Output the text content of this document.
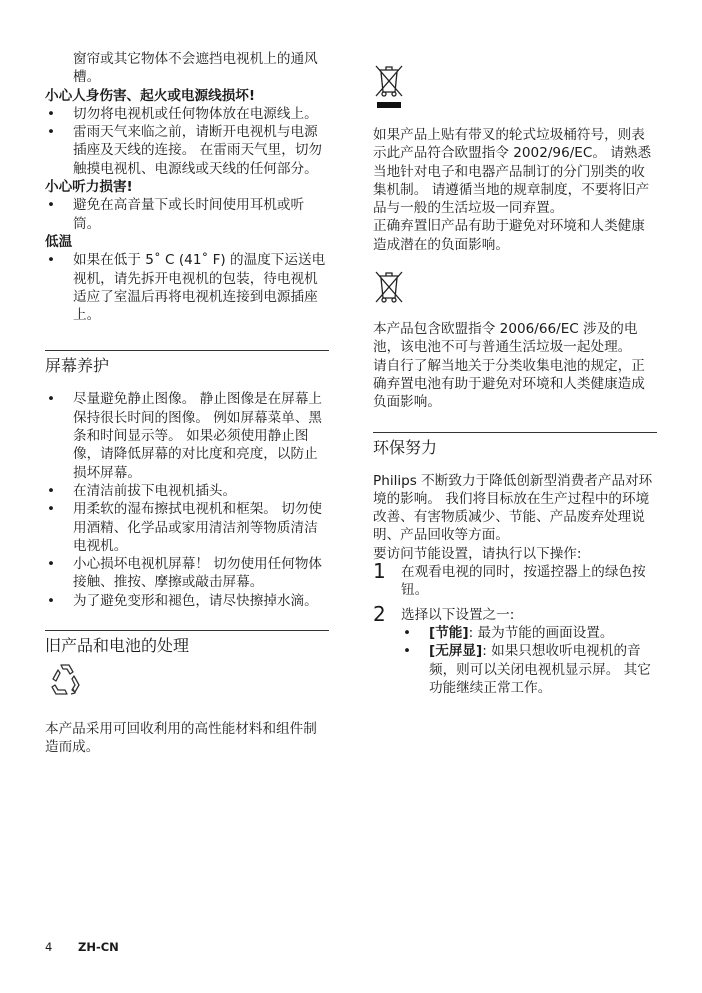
窗帘或其它物体不会遮挡电视机上的通风槽。

小心人身伤害、起火或电源线损坏!

• 切勿将电视机或任何物体放在电源线上。

• 雷雨天气来临之前，请断开电视机与电源插座及天线的连接。 在雷雨天气里，切勿触摸电视机、电源线或天线的任何部分。

小心听力损害!

• 避免在高音量下或长时间使用耳机或听筒。

低温

• 如果在低于 5˚ C (41˚ F) 的温度下运送电视机，请先拆开电视机的包装，待电视机适应了室温后再将电视机连接到电源插座上。

屏幕养护

• 尽量避免静止图像。 静止图像是在屏幕上保持很长时间的图像。 例如屏幕菜单、黑条和时间显示等。 如果必须使用静止图像，请降低屏幕的对比度和亮度，以防止损坏屏幕。

• 在清洁前拔下电视机插头。

• 用柔软的湿布擦拭电视机和框架。 切勿使用酒精、化学品或家用清洁剂等物质清洁电视机。

• 小心损坏电视机屏幕！ 切勿使用任何物体接触、推按、摩擦或敲击屏幕。

• 为了避免变形和褪色，请尽快擦掉水滴。

旧产品和电池的处理

本产品采用可回收利用的高性能材料和组件制造而成。

如果产品上贴有带叉的轮式垃圾桶符号，则表示此产品符合欧盟指令 2002/96/EC。 请熟悉当地针对电子和电器产品制订的分门别类的收集机制。 请遵循当地的规章制度，不要将旧产品与一般的生活垃圾一同弃置。

正确弃置旧产品有助于避免对环境和人类健康造成潜在的负面影响。

本产品包含欧盟指令 2006/66/EC 涉及的电池，该电池不可与普通生活垃圾一起处理。

请自行了解当地关于分类收集电池的规定，正确弃置电池有助于避免对环境和人类健康造成负面影响。

环保努力

Philips 不断致力于降低创新型消费者产品对环境的影响。 我们将目标放在生产过程中的环境改善、有害物质减少、节能、产品废弃处理说明、产品回收等方面。

要访问节能设置，请执行以下操作:

1 在观看电视的同时，按遥控器上的绿色按钮。
2 选择以下设置之一:

• [节能]: 最为节能的画面设置。

• [无屏显]: 如果只想收听电视机的音频，则可以关闭电视机显示屏。 其它功能继续正常工作。

4 ZH-CN
